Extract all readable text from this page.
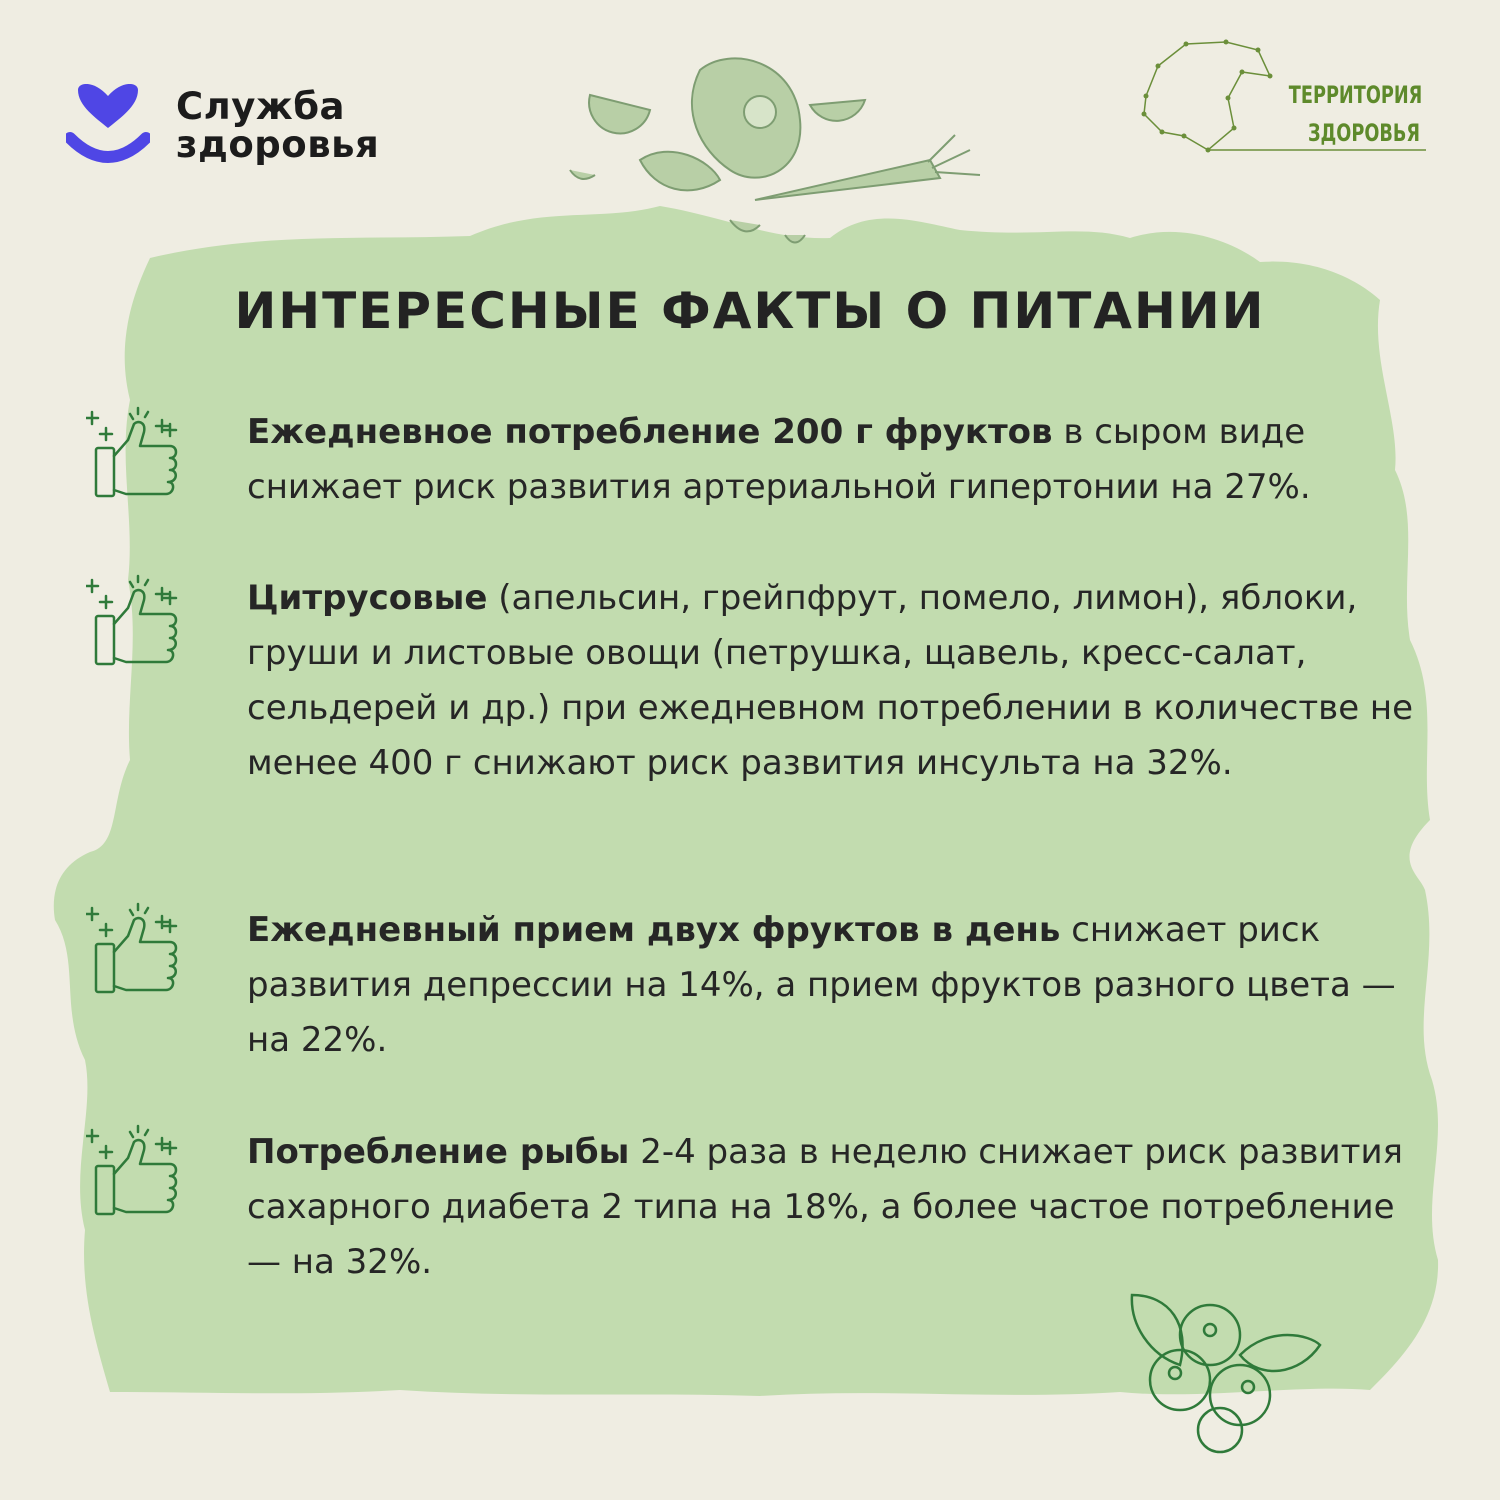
Служба
здоровья
ТЕРРИТОРИЯ
ЗДОРОВЬЯ
ИНТЕРЕСНЫЕ ФАКТЫ О ПИТАНИИ
Ежедневное потребление 200 г фруктов в сыром виде снижает риск развития артериальной гипертонии на 27%.
Цитрусовые (апельсин, грейпфрут, помело, лимон), яблоки, груши и листовые овощи (петрушка, щавель, кресс-салат, сельдерей и др.) при ежедневном потреблении в количестве не менее 400 г снижают риск развития инсульта на 32%.
Ежедневный прием двух фруктов в день снижает риск развития депрессии на 14%, а прием фруктов разного цвета — на 22%.
Потребление рыбы 2-4 раза в неделю снижает риск развития сахарного диабета 2 типа на 18%, а более частое потребление — на 32%.
